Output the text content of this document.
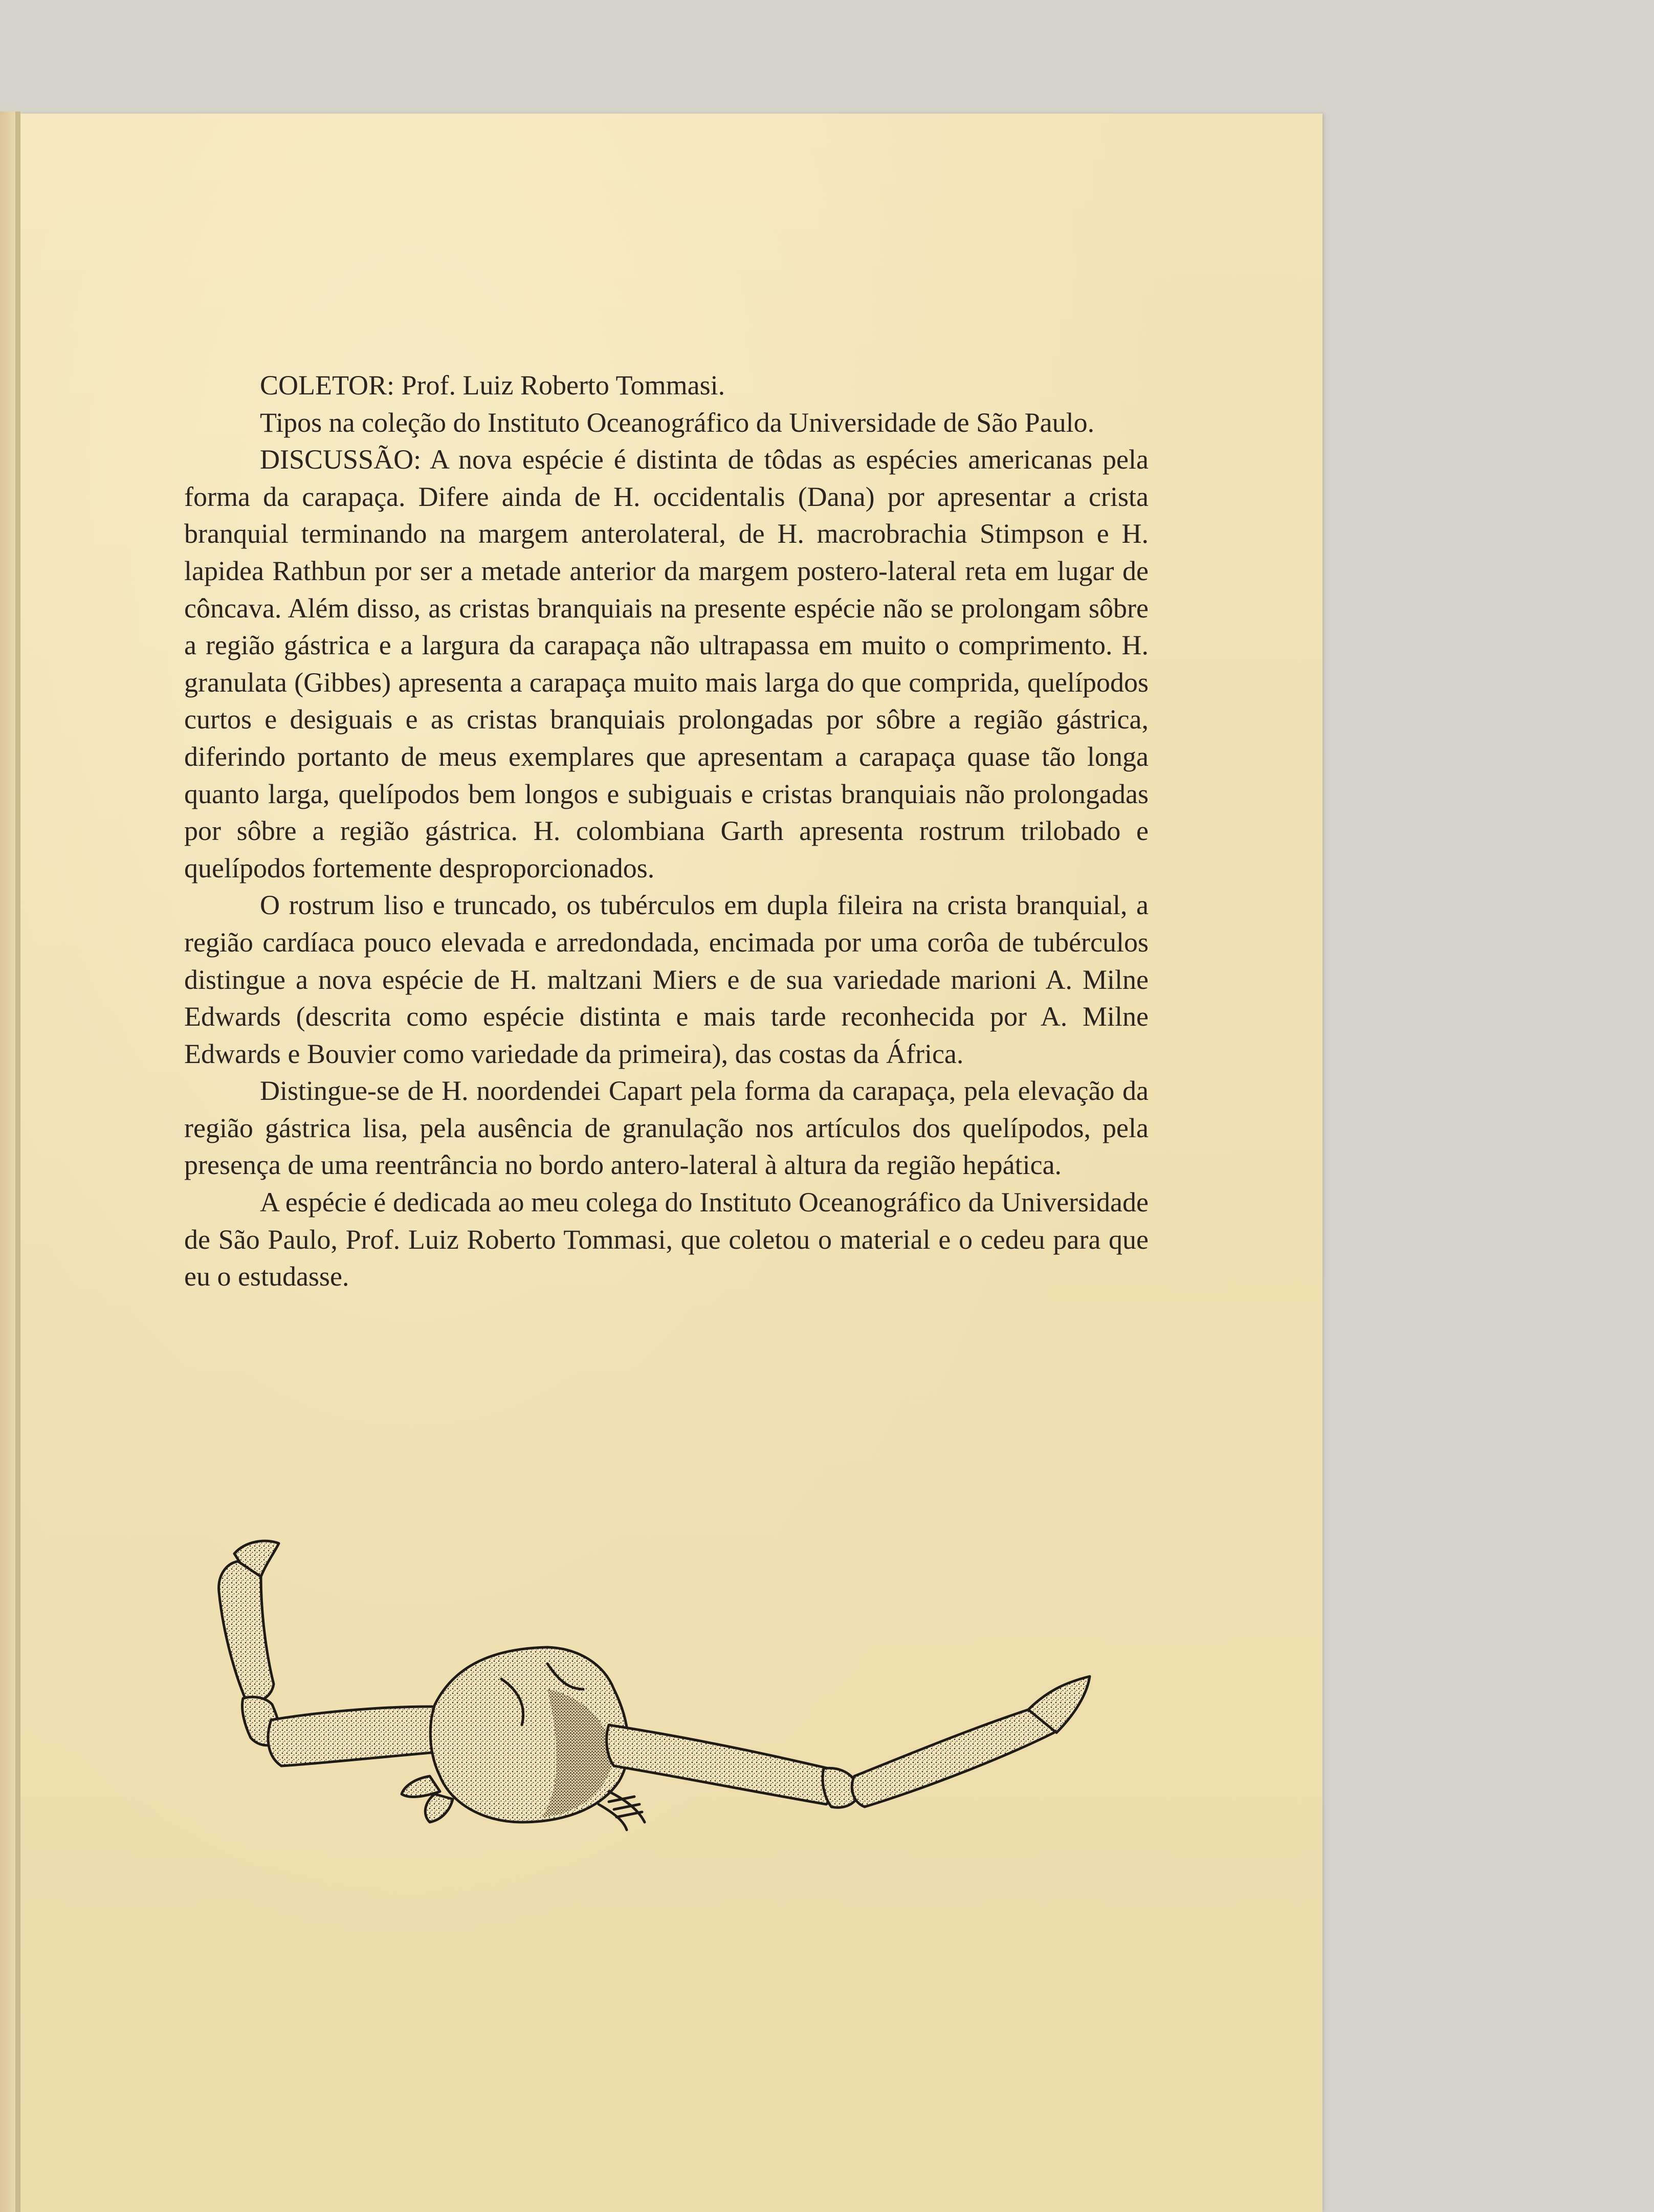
COLETOR: Prof. Luiz Roberto Tommasi.

Tipos na coleção do Instituto Oceanográfico da Universidade de São Paulo.

DISCUSSÃO: A nova espécie é distinta de tôdas as espécies americanas pela forma da carapaça. Difere ainda de H. occidentalis (Dana) por apresentar a crista branquial terminando na margem anterolateral, de H. macrobrachia Stimpson e H. lapidea Rathbun por ser a metade anterior da margem postero-lateral reta em lugar de côncava. Além disso, as cristas branquiais na presente espécie não se prolongam sôbre a região gástrica e a largura da carapaça não ultrapassa em muito o comprimento. H. granulata (Gibbes) apresenta a carapaça muito mais larga do que comprida, quelípodos curtos e desiguais e as cristas branquiais prolongadas por sôbre a região gástrica, diferindo portanto de meus exemplares que apresentam a carapaça quase tão longa quanto larga, quelípodos bem longos e subiguais e cristas branquiais não prolongadas por sôbre a região gástrica. H. colombiana Garth apresenta rostrum trilobado e quelípodos fortemente desproporcionados.

O rostrum liso e truncado, os tubérculos em dupla fileira na crista branquial, a região cardíaca pouco elevada e arredondada, encimada por uma corôa de tubérculos distingue a nova espécie de H. maltzani Miers e de sua variedade marioni A. Milne Edwards (descrita como espécie distinta e mais tarde reconhecida por A. Milne Edwards e Bouvier como variedade da primeira), das costas da África.

Distingue-se de H. noordendei Capart pela forma da carapaça, pela elevação da região gástrica lisa, pela ausência de granulação nos artículos dos quelípodos, pela presença de uma reentrância no bordo antero-lateral à altura da região hepática.

A espécie é dedicada ao meu colega do Instituto Oceanográfico da Universidade de São Paulo, Prof. Luiz Roberto Tommasi, que coletou o material e o cedeu para que eu o estudasse.
